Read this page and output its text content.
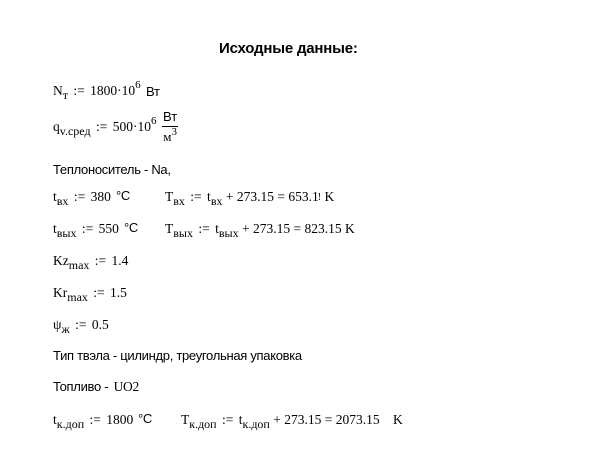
Исходные данные:
Nт := $1800\cdot 10^6$ Вт
qv.сред := $500\cdot 10^6$ Вт
$м^3$
Теплоноситель - Na,
tвх := 380 °C	Tвх := tвх + 273.15 = 653.1! K
tвых := 550 °C Tвых := tвых + 273.15 = 823.15 K
Kzmax := 1.4
Krmax := 1.5
ψж := 0.5
Тип твэла - цилиндр, треугольная упаковка
Топливо - UO2
tк.доп := 1800 °C Tк.доп := tк.доп + 273.15 = 2073.15 K
